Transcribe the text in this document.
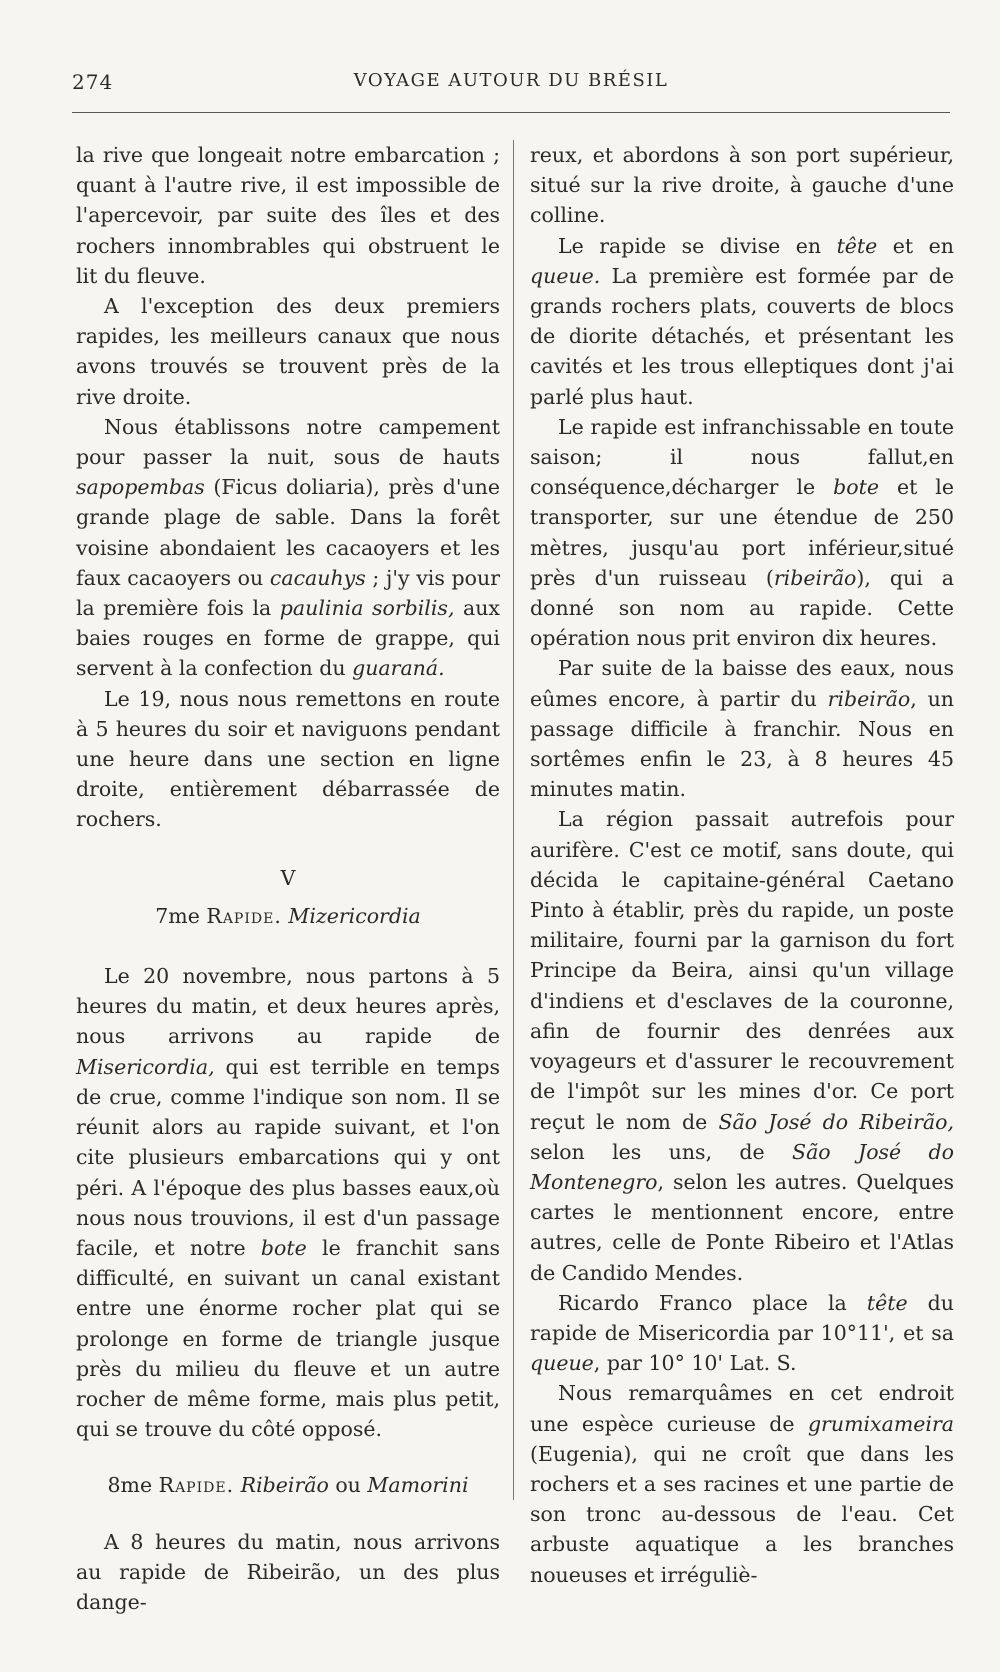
274	VOYAGE AUTOUR DU BRÉSIL

la rive que longeait notre embarcation ; quant à l'autre rive, il est impossible de l'apercevoir, par suite des îles et des rochers innombrables qui obstruent le lit du fleuve.

A l'exception des deux premiers rapides, les meilleurs canaux que nous avons trouvés se trouvent près de la rive droite.

Nous établissons notre campement pour passer la nuit, sous de hauts sapopembas (Ficus doliaria), près d'une grande plage de sable. Dans la forêt voisine abondaient les cacaoyers et les faux cacaoyers ou cacauhys ; j'y vis pour la première fois la paulinia sorbilis, aux baies rouges en forme de grappe, qui servent à la confection du guaraná.

Le 19, nous nous remettons en route à 5 heures du soir et naviguons pendant une heure dans une section en ligne droite, entièrement débarrassée de rochers.

V
7me Rapide. Mizericordia

Le 20 novembre, nous partons à 5 heures du matin, et deux heures après, nous arrivons au rapide de Misericordia, qui est terrible en temps de crue, comme l'indique son nom. Il se réunit alors au rapide suivant, et l'on cite plusieurs embarcations qui y ont péri. A l'époque des plus basses eaux,où nous nous trouvions, il est d'un passage facile, et notre bote le franchit sans difficulté, en suivant un canal existant entre une énorme rocher plat qui se prolonge en forme de triangle jusque près du milieu du fleuve et un autre rocher de même forme, mais plus petit, qui se trouve du côté opposé.

8me Rapide. Ribeirão ou Mamorini

A 8 heures du matin, nous arrivons au rapide de Ribeirão, un des plus dange-

reux, et abordons à son port supérieur, situé sur la rive droite, à gauche d'une colline.

Le rapide se divise en tête et en queue. La première est formée par de grands rochers plats, couverts de blocs de diorite détachés, et présentant les cavités et les trous elleptiques dont j'ai parlé plus haut.

Le rapide est infranchissable en toute saison; il nous fallut,en conséquence,décharger le bote et le transporter, sur une étendue de 250 mètres, jusqu'au port inférieur,situé près d'un ruisseau (ribeirão), qui a donné son nom au rapide. Cette opération nous prit environ dix heures.

Par suite de la baisse des eaux, nous eûmes encore, à partir du ribeirão, un passage difficile à franchir. Nous en sortêmes enfin le 23, à 8 heures 45 minutes matin.

La région passait autrefois pour aurifère. C'est ce motif, sans doute, qui décida le capitaine-général Caetano Pinto à établir, près du rapide, un poste militaire, fourni par la garnison du fort Principe da Beira, ainsi qu'un village d'indiens et d'esclaves de la couronne, afin de fournir des denrées aux voyageurs et d'assurer le recouvrement de l'impôt sur les mines d'or. Ce port reçut le nom de São José do Ribeirão, selon les uns, de São José do Montenegro, selon les autres. Quelques cartes le mentionnent encore, entre autres, celle de Ponte Ribeiro et l'Atlas de Candido Mendes.

Ricardo Franco place la tête du rapide de Misericordia par 10°11', et sa queue, par 10° 10' Lat. S.

Nous remarquâmes en cet endroit une espèce curieuse de grumixameira (Eugenia), qui ne croît que dans les rochers et a ses racines et une partie de son tronc au-dessous de l'eau. Cet arbuste aquatique a les branches noueuses et irréguliè-
